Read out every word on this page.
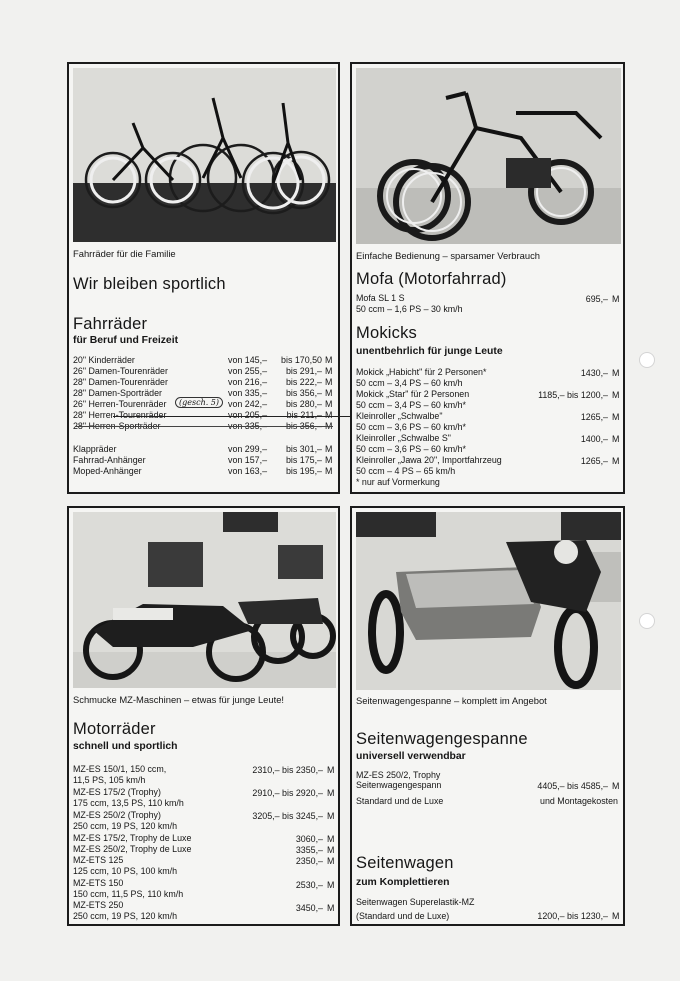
Fahrräder für die Familie
Wir bleiben sportlich
Fahrräder
für Beruf und Freizeit
20" Kinderräder	von 145,–	bis 170,50 M
26" Damen-Tourenräder	von 255,–	bis 291,– M
28" Damen-Tourenräder	von 216,–	bis 222,– M
28" Damen-Sporträder	von 335,–	bis 356,– M
26" Herren-Tourenräder	von 242,–	bis 280,– M
28" Herren-Tourenräder	von 205,–	bis 211,– M
28" Herren-Sporträder	von 335,–	bis 356,– M
Klappräder	von 299,–	bis 301,– M
Fahrrad-Anhänger	von 157,–	bis 175,– M
Moped-Anhänger	von 163,–	bis 195,– M
(gesch. 5)
Einfache Bedienung – sparsamer Verbrauch
Mofa (Motorfahrrad)
Mofa SL 1 S
50 ccm – 1,6 PS – 30 km/h
695,– M
Mokicks
unentbehrlich für junge Leute
Mokick „Habicht" für 2 Personen*
50 ccm – 3,4 PS – 60 km/h
1430,– M
Mokick „Star" für 2 Personen
50 ccm – 3,4 PS – 60 km/h*
1185,– bis 1200,– M
Kleinroller „Schwalbe"
50 ccm – 3,6 PS – 60 km/h*
1265,– M
Kleinroller „Schwalbe S"
50 ccm – 3,6 PS – 60 km/h*
1400,– M
Kleinroller „Jawa 20", Importfahrzeug
50 ccm – 4 PS – 65 km/h
1265,– M
* nur auf Vormerkung
Schmucke MZ-Maschinen – etwas für junge Leute!
Motorräder
schnell und sportlich
MZ-ES 150/1, 150 ccm,
11,5 PS, 105 km/h
2310,– bis 2350,– M
MZ-ES 175/2 (Trophy)
175 ccm, 13,5 PS, 110 km/h
2910,– bis 2920,– M
MZ-ES 250/2 (Trophy)
250 ccm, 19 PS, 120 km/h
3205,– bis 3245,– M
MZ-ES 175/2, Trophy de Luxe	3060,– M
MZ-ES 250/2, Trophy de Luxe	3355,– M
MZ-ETS 125
125 ccm, 10 PS, 100 km/h
2350,– M
MZ-ETS 150
150 ccm, 11,5 PS, 110 km/h
2530,– M
MZ-ETS 250
250 ccm, 19 PS, 120 km/h
3450,– M
Seitenwagengespanne – komplett im Angebot
Seitenwagengespanne
universell verwendbar
MZ-ES 250/2, Trophy
Seitenwagengespann	4405,– bis 4585,– M
Standard und de Luxe	und Montagekosten
Seitenwagen
zum Komplettieren
Seitenwagen Superelastik-MZ
(Standard und de Luxe)	1200,– bis 1230,– M
